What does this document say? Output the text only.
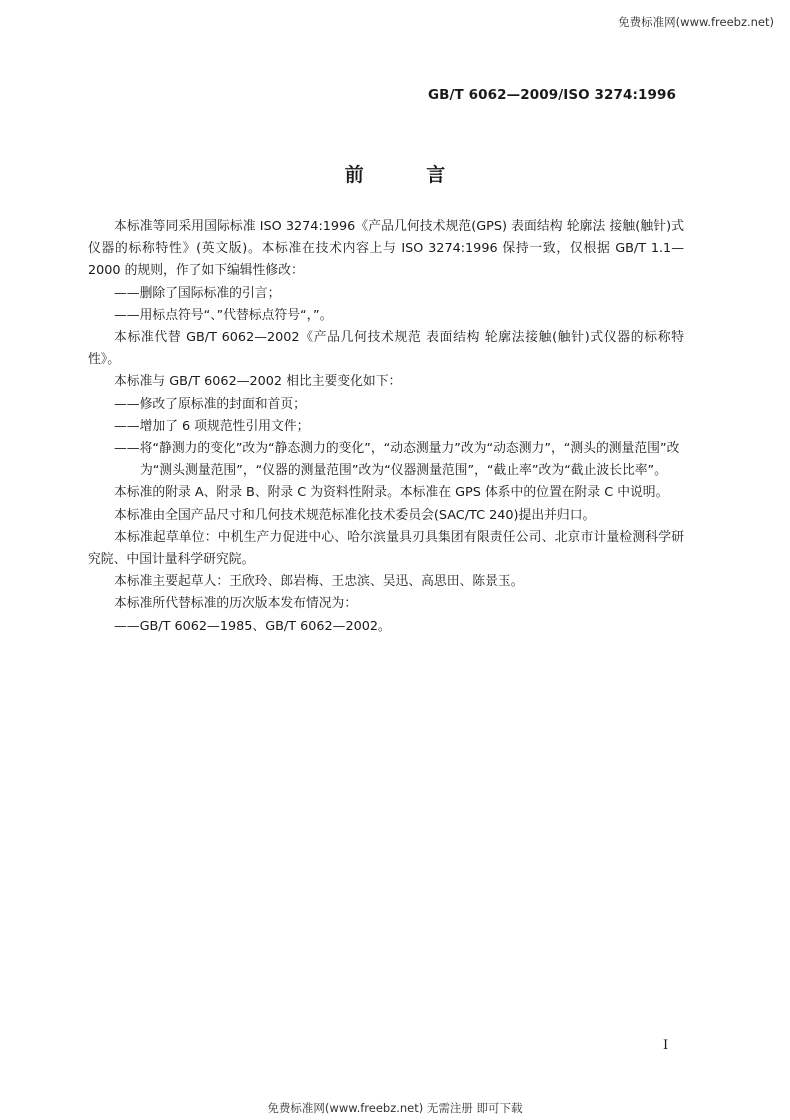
免费标准网(www.freebz.net)
GB/T 6062—2009/ISO 3274:1996
前 言

本标准等同采用国际标准 ISO 3274:1996《产品几何技术规范(GPS) 表面结构 轮廓法 接触(触针)式仪器的标称特性》(英文版)。本标准在技术内容上与 ISO 3274:1996 保持一致，仅根据 GB/T 1.1—2000 的规则，作了如下编辑性修改：

——删除了国际标准的引言；

——用标点符号“、”代替标点符号“，”。

本标准代替 GB/T 6062—2002《产品几何技术规范 表面结构 轮廓法接触(触针)式仪器的标称特性》。

本标准与 GB/T 6062—2002 相比主要变化如下：

——修改了原标准的封面和首页；

——增加了 6 项规范性引用文件；

——将“静测力的变化”改为“静态测力的变化”，“动态测量力”改为“动态测力”，“测头的测量范围”改为“测头测量范围”，“仪器的测量范围”改为“仪器测量范围”，“截止率”改为“截止波长比率”。

本标准的附录 A、附录 B、附录 C 为资料性附录。本标准在 GPS 体系中的位置在附录 C 中说明。

本标准由全国产品尺寸和几何技术规范标准化技术委员会(SAC/TC 240)提出并归口。

本标准起草单位：中机生产力促进中心、哈尔滨量具刃具集团有限责任公司、北京市计量检测科学研究院、中国计量科学研究院。

本标准主要起草人：王欣玲、郎岩梅、王忠滨、吴迅、高思田、陈景玉。

本标准所代替标准的历次版本发布情况为：

——GB/T 6062—1985、GB/T 6062—2002。

I
免费标准网(www.freebz.net) 无需注册 即可下载
